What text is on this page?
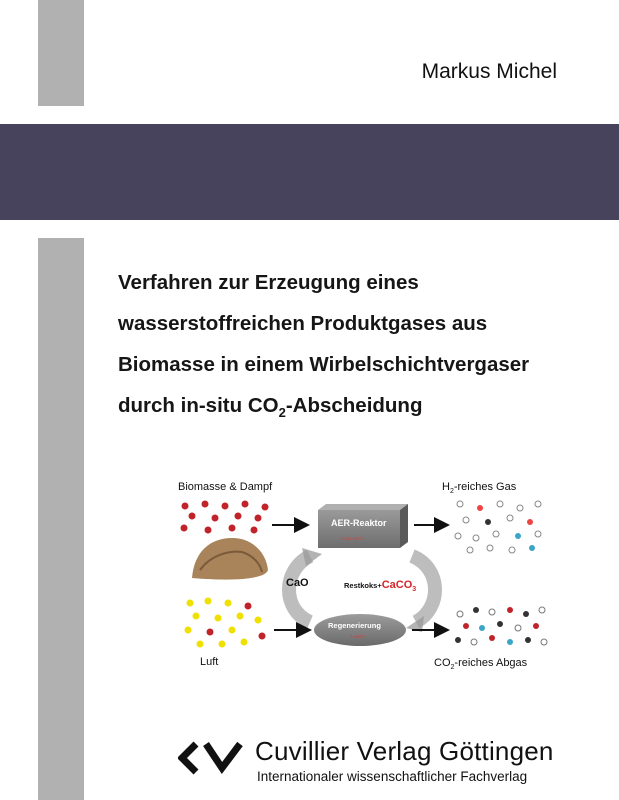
Markus Michel
Verfahren zur Erzeugung eines
wasserstoffreichen Produktgases aus
Biomasse in einem Wirbelschichtvergaser
durch in-situ $CO_2$-Abscheidung
Biomasse & Dampf	$H_2$-reiches Gas
AER-Reaktor
T=600-700°C
CaO	Restkoks+CaCO3
Regenerierung
T>800°C
Luft	$CO_2$-reiches Abgas
Cuvillier Verlag Göttingen
Internationaler wissenschaftlicher Fachverlag
